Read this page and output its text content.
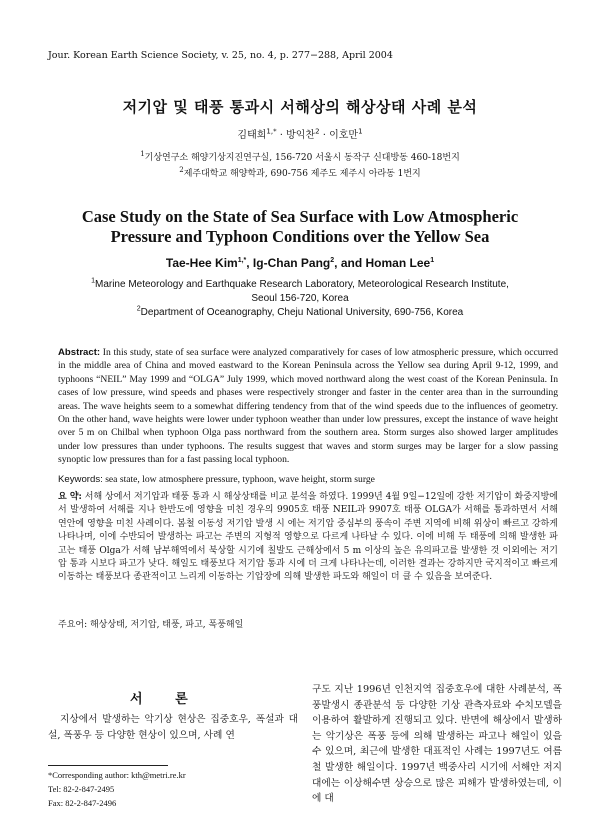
Jour. Korean Earth Science Society, v. 25, no. 4, p. 277−288, April 2004
저기압 및 태풍 통과시 서해상의 해상상태 사례 분석
김태희$^{1,*}$ · 방익찬$^2$ · 이호만$^1$
$^1$기상연구소 해양기상지진연구실, 156-720 서울시 동작구 신대방동 460-18번지
$^2$제주대학교 해양학과, 690-756 제주도 제주시 아라동 1번지
Case Study on the State of Sea Surface with Low Atmospheric
Pressure and Typhoon Conditions over the Yellow Sea
Tae-Hee Kim$^{1,*}$, Ig-Chan Pang$^2$, and Homan Lee$^1$
$^1$Marine Meteorology and Earthquake Research Laboratory, Meteorological Research Institute,
Seoul 156-720, Korea
$^2$Department of Oceanography, Cheju National University, 690-756, Korea
Abstract: In this study, state of sea surface were analyzed comparatively for cases of low atmospheric pressure, which occurred in the middle area of China and moved eastward to the Korean Peninsula across the Yellow sea during April 9-12, 1999, and typhoons “NEIL” May 1999 and “OLGA” July 1999, which moved northward along the west coast of the Korean Peninsula. In cases of low pressure, wind speeds and phases were respectively stronger and faster in the center area than in the surrounding areas. The wave heights seem to a somewhat differing tendency from that of the wind speeds due to the influences of geometry. On the other hand, wave heights were lower under typhoon weather than under low pressures, except the instance of wave height over 5 m on Chilbal when typhoon Olga pass northward from the southern area. Storm surges also showed larger amplitudes under low pressures than under typhoons. The results suggest that waves and storm surges may be larger for a slow passing synoptic low pressures than for a fast passing local typhoon.
Keywords: sea state, low atmosphere pressure, typhoon, wave height, storm surge
요 약: 서해 상에서 저기압과 태풍 통과 시 해상상태를 비교 분석을 하였다. 1999년 4월 9일−12일에 강한 저기압이 화중지방에서 발생하여 서해를 지나 한반도에 영향을 미친 경우의 9905호 태풍 NEIL과 9907호 태풍 OLGA가 서해를 통과하면서 서해 연안에 영향을 미친 사례이다. 봄철 이동성 저기압 발생 시 에는 저기압 중심부의 풍속이 주변 지역에 비해 위상이 빠르고 강하게 나타나며, 이에 수반되어 발생하는 파고는 주변의 지형적 영향으로 다르게 나타날 수 있다. 이에 비해 두 태풍에 의해 발생한 파고는 태풍 Olga가 서해 남부해역에서 북상할 시기에 칠발도 근해상에서 5 m 이상의 높은 유의파고를 발생한 것 이외에는 저기압 통과 시보다 파고가 낮다. 해일도 태풍보다 저기압 통과 시에 더 크게 나타나는데, 이러한 결과는 강하지만 국지적이고 빠르게 이동하는 태풍보다 종관적이고 느리게 이동하는 기압장에 의해 발생한 파도와 해일이 더 클 수 있음을 보여준다.
주요어: 해상상태, 저기압, 태풍, 파고, 폭풍해일
서 론
지상에서 발생하는 악기상 현상은 집중호우, 폭설과 대설, 폭풍우 등 다양한 현상이 있으며, 사례 연
구도 지난 1996년 인천지역 집중호우에 대한 사례분석, 폭풍발생시 종관분석 등 다양한 기상 관측자료와 수치모델을 이용하여 활발하게 진행되고 있다. 반면에 해상에서 발생하는 악기상은 폭풍 등에 의해 발생하는 파고나 해일이 있을 수 있으며, 최근에 발생한 대표적인 사례는 1997년도 여름철 발생한 해일이다. 1997년 백중사리 시기에 서해안 저지대에는 이상해수면 상승으로 많은 피해가 발생하였는데, 이에 대
*Corresponding author: kth@metri.re.kr
Tel: 82-2-847-2495
Fax: 82-2-847-2496
